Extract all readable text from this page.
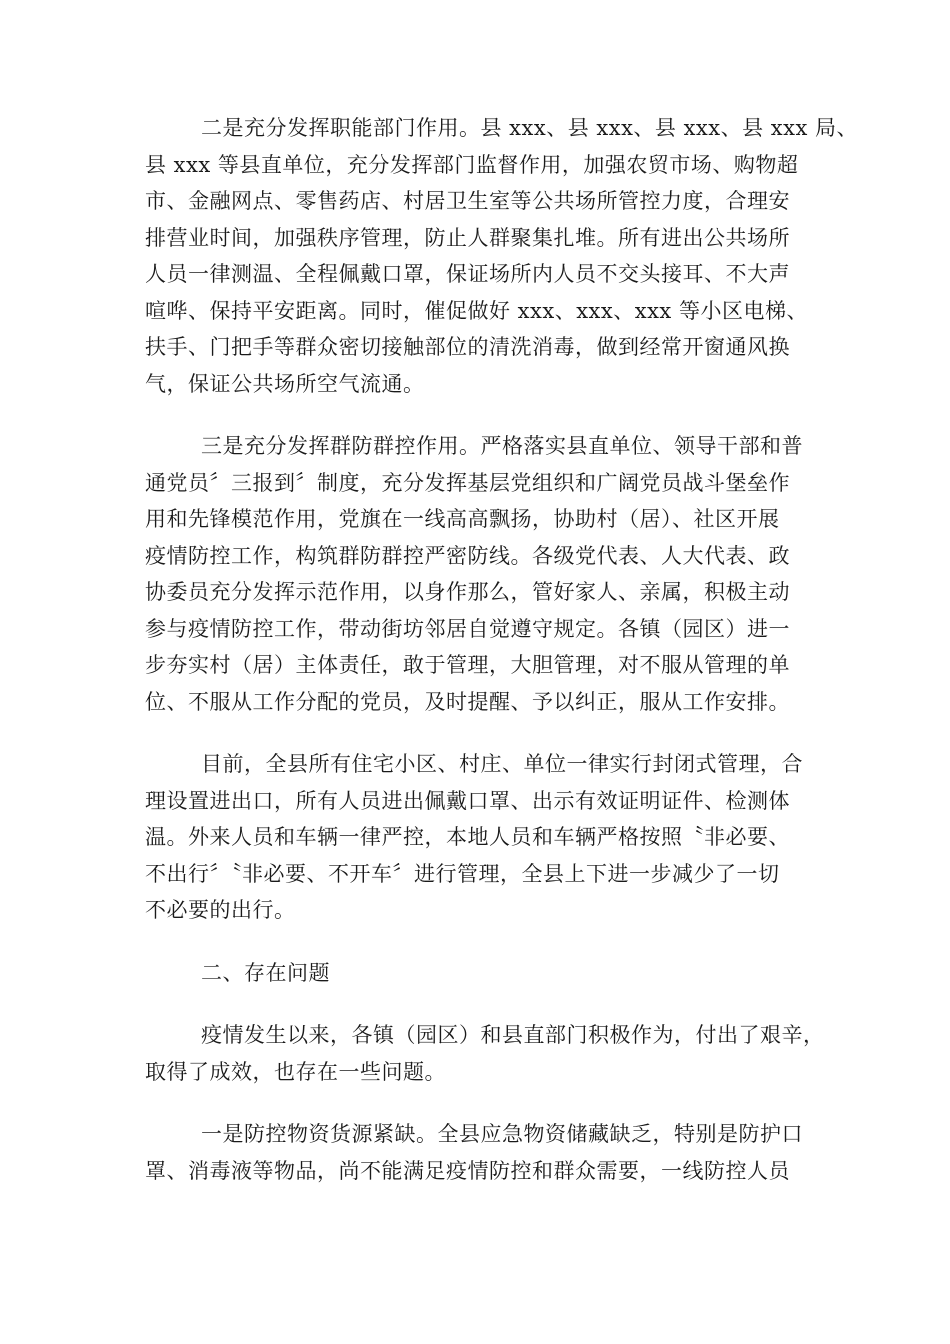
二是充分发挥职能部门作用。县 xxx、县 xxx、县 xxx、县 xxx 局、
县 xxx 等县直单位，充分发挥部门监督作用，加强农贸市场、购物超
市、金融网点、零售药店、村居卫生室等公共场所管控力度，合理安
排营业时间，加强秩序管理，防止人群聚集扎堆。所有进出公共场所
人员一律测温、全程佩戴口罩，保证场所内人员不交头接耳、不大声
喧哗、保持平安距离。同时，催促做好 xxx、xxx、xxx 等小区电梯、
扶手、门把手等群众密切接触部位的清洗消毒，做到经常开窗通风换
气，保证公共场所空气流通。

三是充分发挥群防群控作用。严格落实县直单位、领导干部和普
通党员〞三报到〞制度，充分发挥基层党组织和广阔党员战斗堡垒作
用和先锋模范作用，党旗在一线高高飘扬，协助村（居）、社区开展
疫情防控工作，构筑群防群控严密防线。各级党代表、人大代表、政
协委员充分发挥示范作用，以身作那么，管好家人、亲属，积极主动
参与疫情防控工作，带动街坊邻居自觉遵守规定。各镇（园区）进一
步夯实村（居）主体责任，敢于管理，大胆管理，对不服从管理的单
位、不服从工作分配的党员，及时提醒、予以纠正，服从工作安排。

目前，全县所有住宅小区、村庄、单位一律实行封闭式管理，合
理设置进出口，所有人员进出佩戴口罩、出示有效证明证件、检测体
温。外来人员和车辆一律严控，本地人员和车辆严格按照〝非必要、
不出行〞〝非必要、不开车〞进行管理，全县上下进一步减少了一切
不必要的出行。

二、存在问题

疫情发生以来，各镇（园区）和县直部门积极作为，付出了艰辛，
取得了成效，也存在一些问题。

一是防控物资货源紧缺。全县应急物资储藏缺乏，特别是防护口
罩、消毒液等物品，尚不能满足疫情防控和群众需要，一线防控人员
